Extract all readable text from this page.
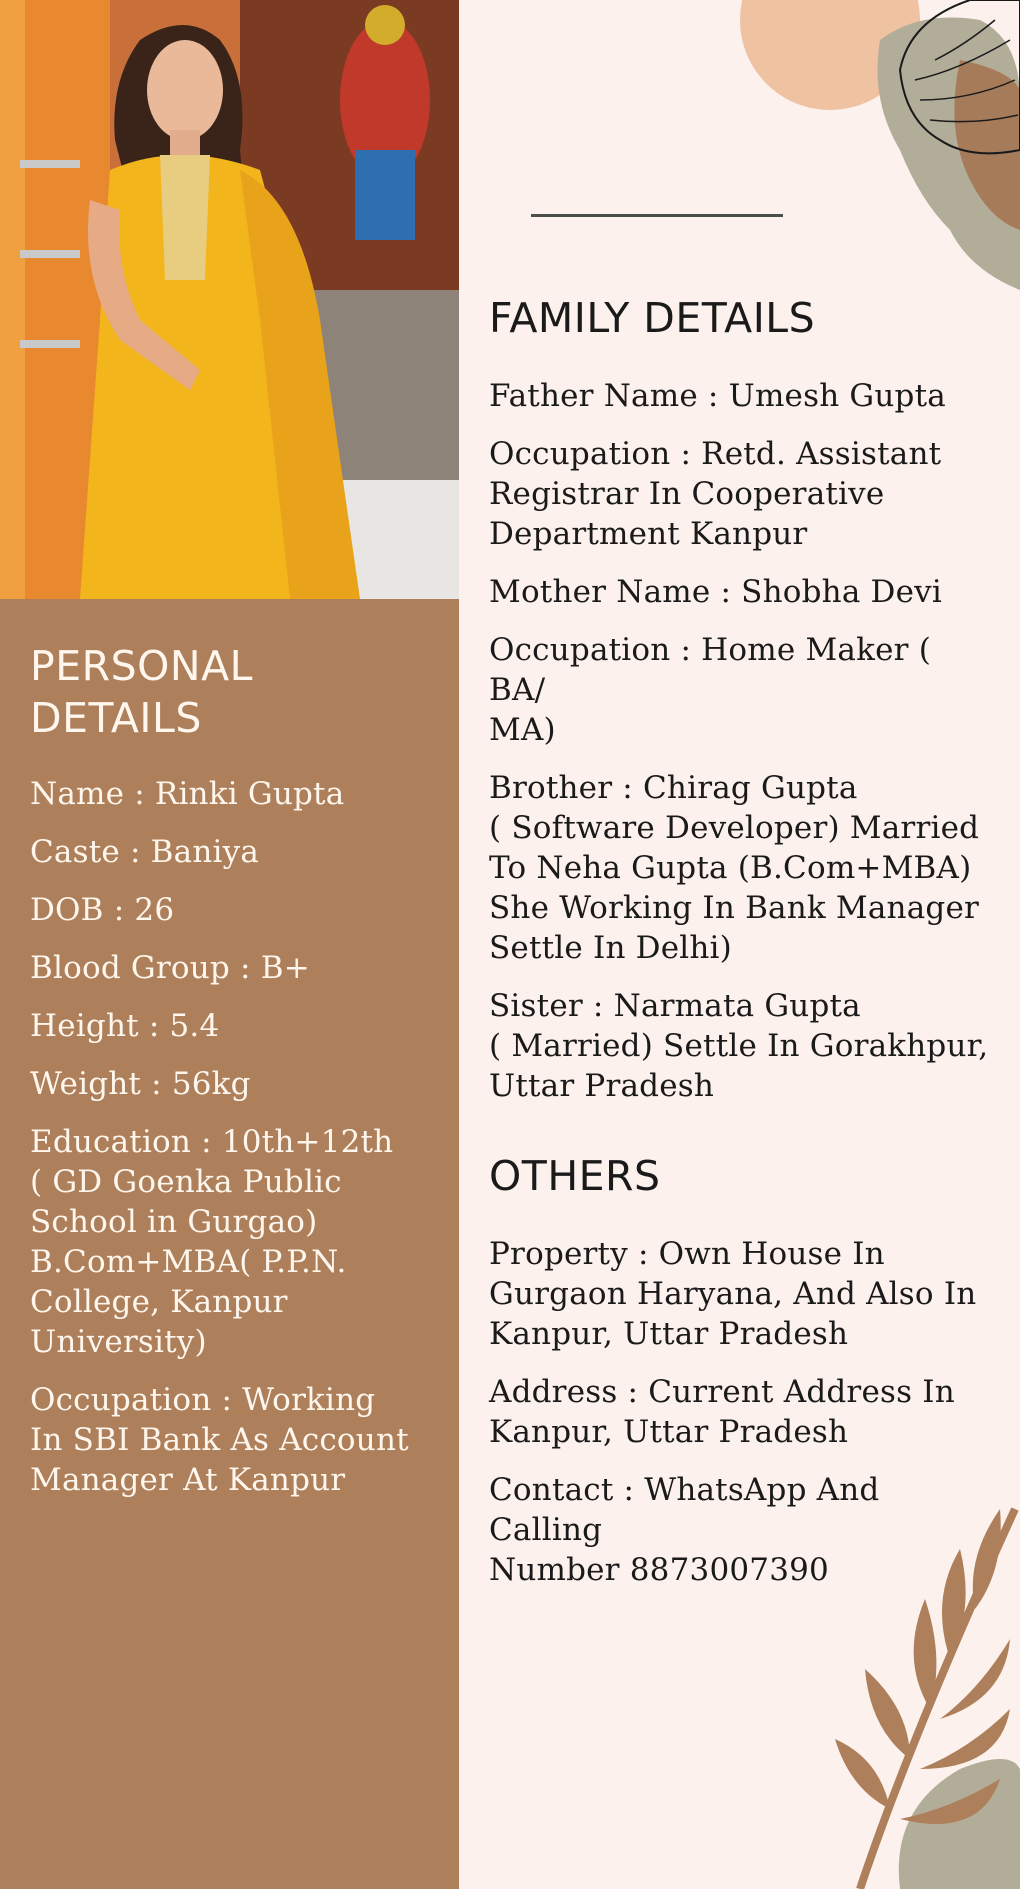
PERSONAL DETAILS
Name : Rinki Gupta
Caste : Baniya
DOB : 26
Blood Group : B+
Height : 5.4
Weight : 56kg
Education : 10th+12th
( GD Goenka Public
School in Gurgao)
B.Com+MBA( P.P.N.
College, Kanpur
University)
Occupation : Working
In SBI Bank As Account
Manager At Kanpur
FAMILY DETAILS
Father Name : Umesh Gupta
Occupation : Retd. Assistant
Registrar In Cooperative
Department Kanpur
Mother Name : Shobha Devi
Occupation : Home Maker ( BA/
MA)
Brother : Chirag Gupta
( Software Developer) Married
To Neha Gupta (B.Com+MBA)
She Working In Bank Manager
Settle In Delhi)
Sister : Narmata Gupta
( Married) Settle In Gorakhpur,
Uttar Pradesh
OTHERS
Property : Own House In
Gurgaon Haryana, And Also In
Kanpur, Uttar Pradesh
Address : Current Address In
Kanpur, Uttar Pradesh
Contact : WhatsApp And Calling
Number 8873007390
